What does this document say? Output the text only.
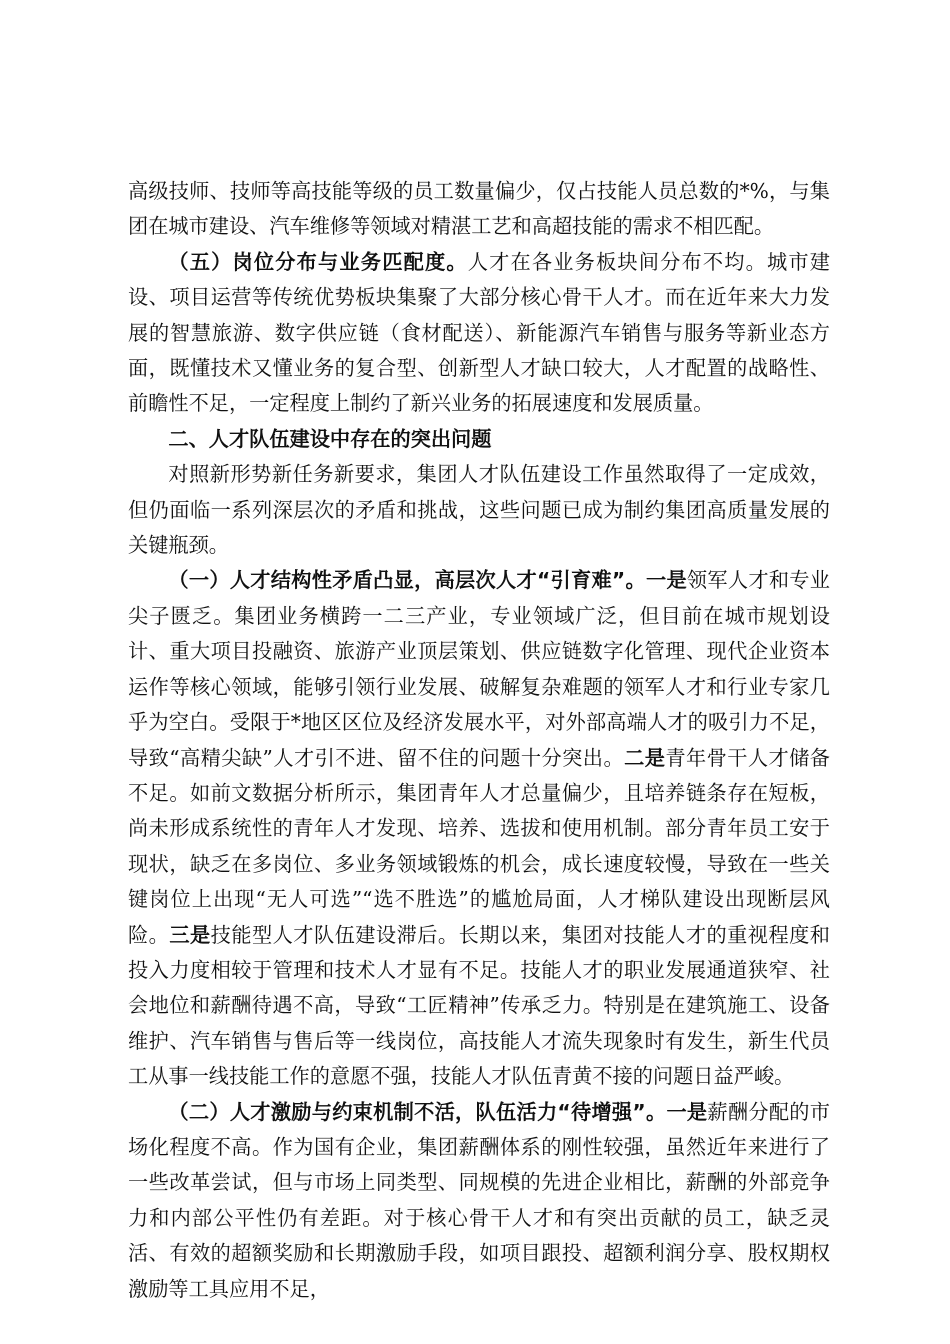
高级技师、技师等高技能等级的员工数量偏少，仅占技能人员总数的*%，与集团在城市建设、汽车维修等领域对精湛工艺和高超技能的需求不相匹配。

（五）岗位分布与业务匹配度。人才在各业务板块间分布不均。城市建设、项目运营等传统优势板块集聚了大部分核心骨干人才。而在近年来大力发展的智慧旅游、数字供应链（食材配送）、新能源汽车销售与服务等新业态方面，既懂技术又懂业务的复合型、创新型人才缺口较大，人才配置的战略性、前瞻性不足，一定程度上制约了新兴业务的拓展速度和发展质量。

二、人才队伍建设中存在的突出问题

对照新形势新任务新要求，集团人才队伍建设工作虽然取得了一定成效，但仍面临一系列深层次的矛盾和挑战，这些问题已成为制约集团高质量发展的关键瓶颈。

（一）人才结构性矛盾凸显，高层次人才“引育难”。一是领军人才和专业尖子匮乏。集团业务横跨一二三产业，专业领域广泛，但目前在城市规划设计、重大项目投融资、旅游产业顶层策划、供应链数字化管理、现代企业资本运作等核心领域，能够引领行业发展、破解复杂难题的领军人才和行业专家几乎为空白。受限于*地区区位及经济发展水平，对外部高端人才的吸引力不足，导致“高精尖缺”人才引不进、留不住的问题十分突出。二是青年骨干人才储备不足。如前文数据分析所示，集团青年人才总量偏少，且培养链条存在短板，尚未形成系统性的青年人才发现、培养、选拔和使用机制。部分青年员工安于现状，缺乏在多岗位、多业务领域锻炼的机会，成长速度较慢，导致在一些关键岗位上出现“无人可选”“选不胜选”的尴尬局面，人才梯队建设出现断层风险。三是技能型人才队伍建设滞后。长期以来，集团对技能人才的重视程度和投入力度相较于管理和技术人才显有不足。技能人才的职业发展通道狭窄、社会地位和薪酬待遇不高，导致“工匠精神”传承乏力。特别是在建筑施工、设备维护、汽车销售与售后等一线岗位，高技能人才流失现象时有发生，新生代员工从事一线技能工作的意愿不强，技能人才队伍青黄不接的问题日益严峻。

（二）人才激励与约束机制不活，队伍活力“待增强”。一是薪酬分配的市场化程度不高。作为国有企业，集团薪酬体系的刚性较强，虽然近年来进行了一些改革尝试，但与市场上同类型、同规模的先进企业相比，薪酬的外部竞争力和内部公平性仍有差距。对于核心骨干人才和有突出贡献的员工，缺乏灵活、有效的超额奖励和长期激励手段，如项目跟投、超额利润分享、股权期权激励等工具应用不足，
